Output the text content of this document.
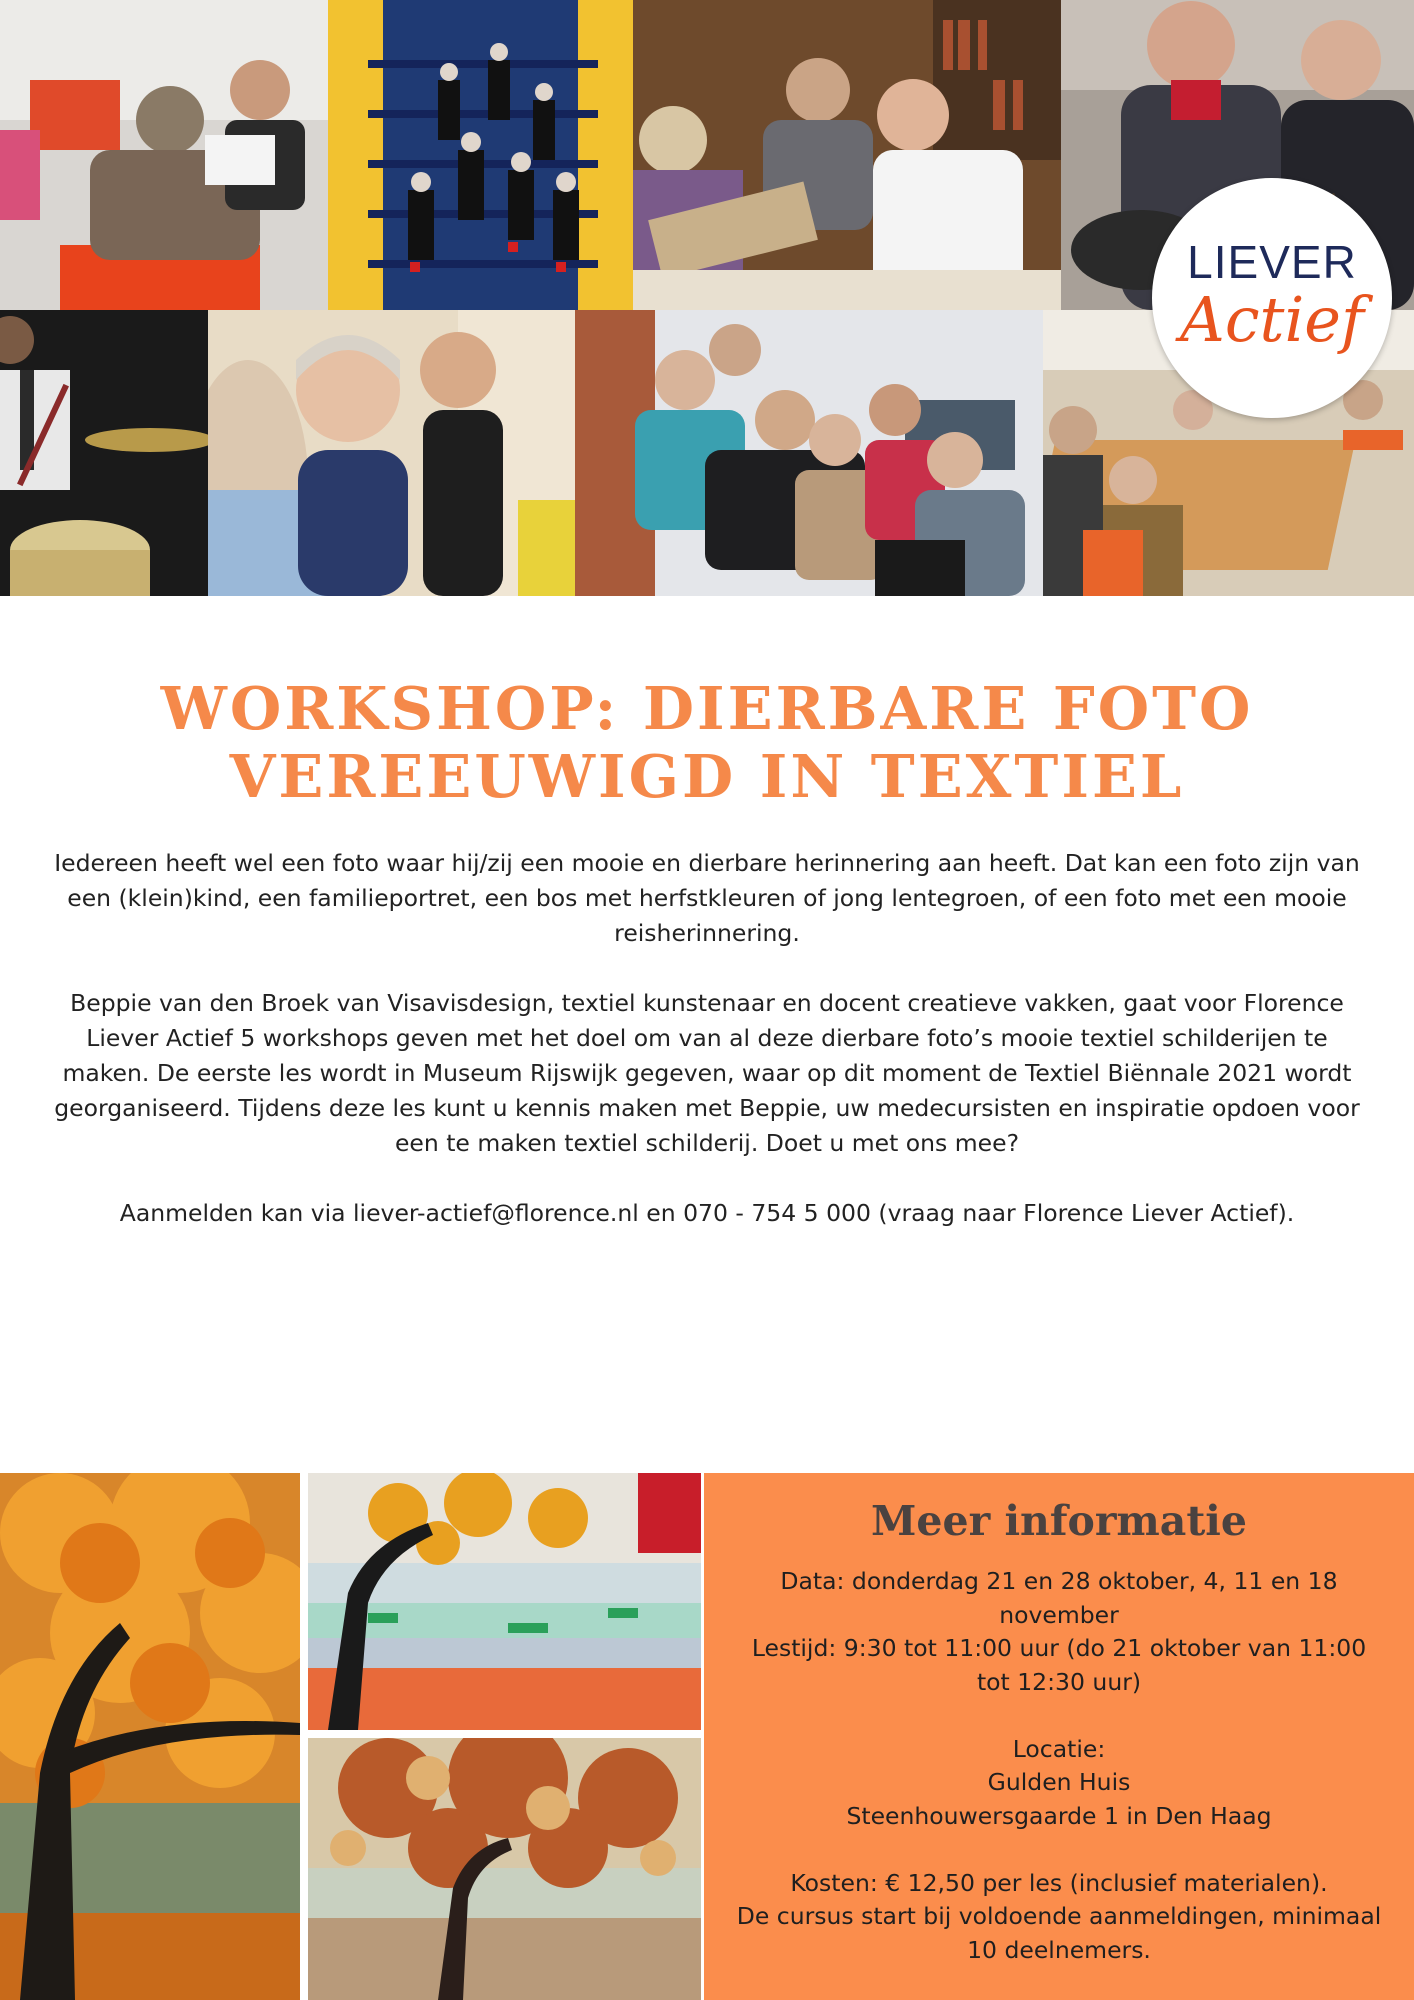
LIEVER
Actief
WORKSHOP: DIERBARE FOTO
VEREEUWIGD IN TEXTIEL

Iedereen heeft wel een foto waar hij/zij een mooie en dierbare herinnering aan heeft. Dat kan een foto zijn van een (klein)kind, een familieportret, een bos met herfstkleuren of jong lentegroen, of een foto met een mooie reisherinnering.

Beppie van den Broek van Visavisdesign, textiel kunstenaar en docent creatieve vakken, gaat voor Florence Liever Actief 5 workshops geven met het doel om van al deze dierbare foto’s mooie textiel schilderijen te maken. De eerste les wordt in Museum Rijswijk gegeven, waar op dit moment de Textiel Biënnale 2021 wordt georganiseerd. Tijdens deze les kunt u kennis maken met Beppie, uw medecursisten en inspiratie opdoen voor een te maken textiel schilderij. Doet u met ons mee?

Aanmelden kan via liever-actief@florence.nl en 070 - 754 5 000 (vraag naar Florence Liever Actief).

Meer informatie
Data: donderdag 21 en 28 oktober, 4, 11 en 18 november
Lestijd: 9:30 tot 11:00 uur (do 21 oktober van 11:00 tot 12:30 uur)
Locatie:
Gulden Huis
Steenhouwersgaarde 1 in Den Haag
Kosten: € 12,50 per les (inclusief materialen).
De cursus start bij voldoende aanmeldingen, minimaal 10 deelnemers.
